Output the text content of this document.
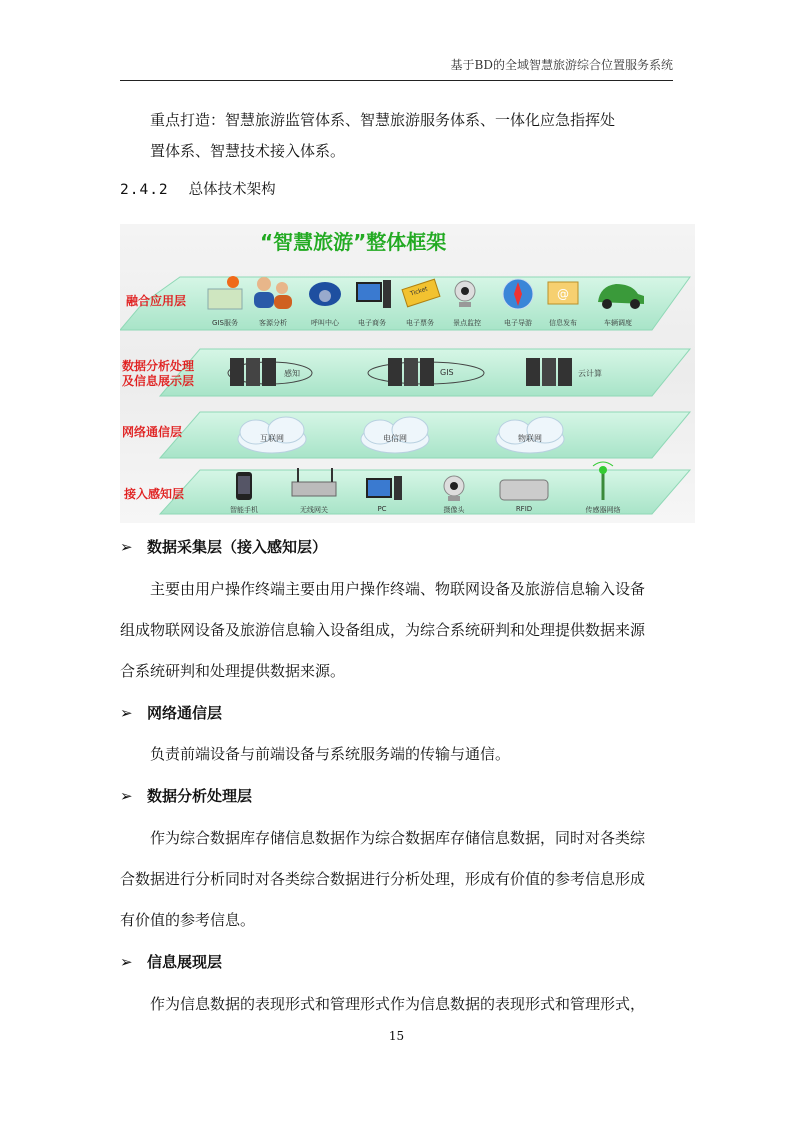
基于BD的全域智慧旅游综合位置服务系统
重点打造：智慧旅游监管体系、智慧旅游服务体系、一体化应急指挥处
置体系、智慧技术接入体系。
2.4.2 总体技术架构
@
“智慧旅游”整体框架
融合应用层
数据分析处理
及信息展示层
网络通信层
接入感知层
GIS服务	客源分析	呼叫中心	电子商务	电子票务	景点监控	电子导游	信息发布	车辆调度
Ticket
感知	GIS	云计算
互联网	电信网	物联网
智能手机	无线网关	PC	摄像头	RFID	传感器网络
➢ 数据采集层（接入感知层）
主要由用户操作终端主要由用户操作终端、物联网设备及旅游信息输入设备
组成物联网设备及旅游信息输入设备组成，为综合系统研判和处理提供数据来源
合系统研判和处理提供数据来源。
➢ 网络通信层
负责前端设备与前端设备与系统服务端的传输与通信。
➢ 数据分析处理层
作为综合数据库存储信息数据作为综合数据库存储信息数据，同时对各类综
合数据进行分析同时对各类综合数据进行分析处理，形成有价值的参考信息形成
有价值的参考信息。
➢ 信息展现层
作为信息数据的表现形式和管理形式作为信息数据的表现形式和管理形式，
15
